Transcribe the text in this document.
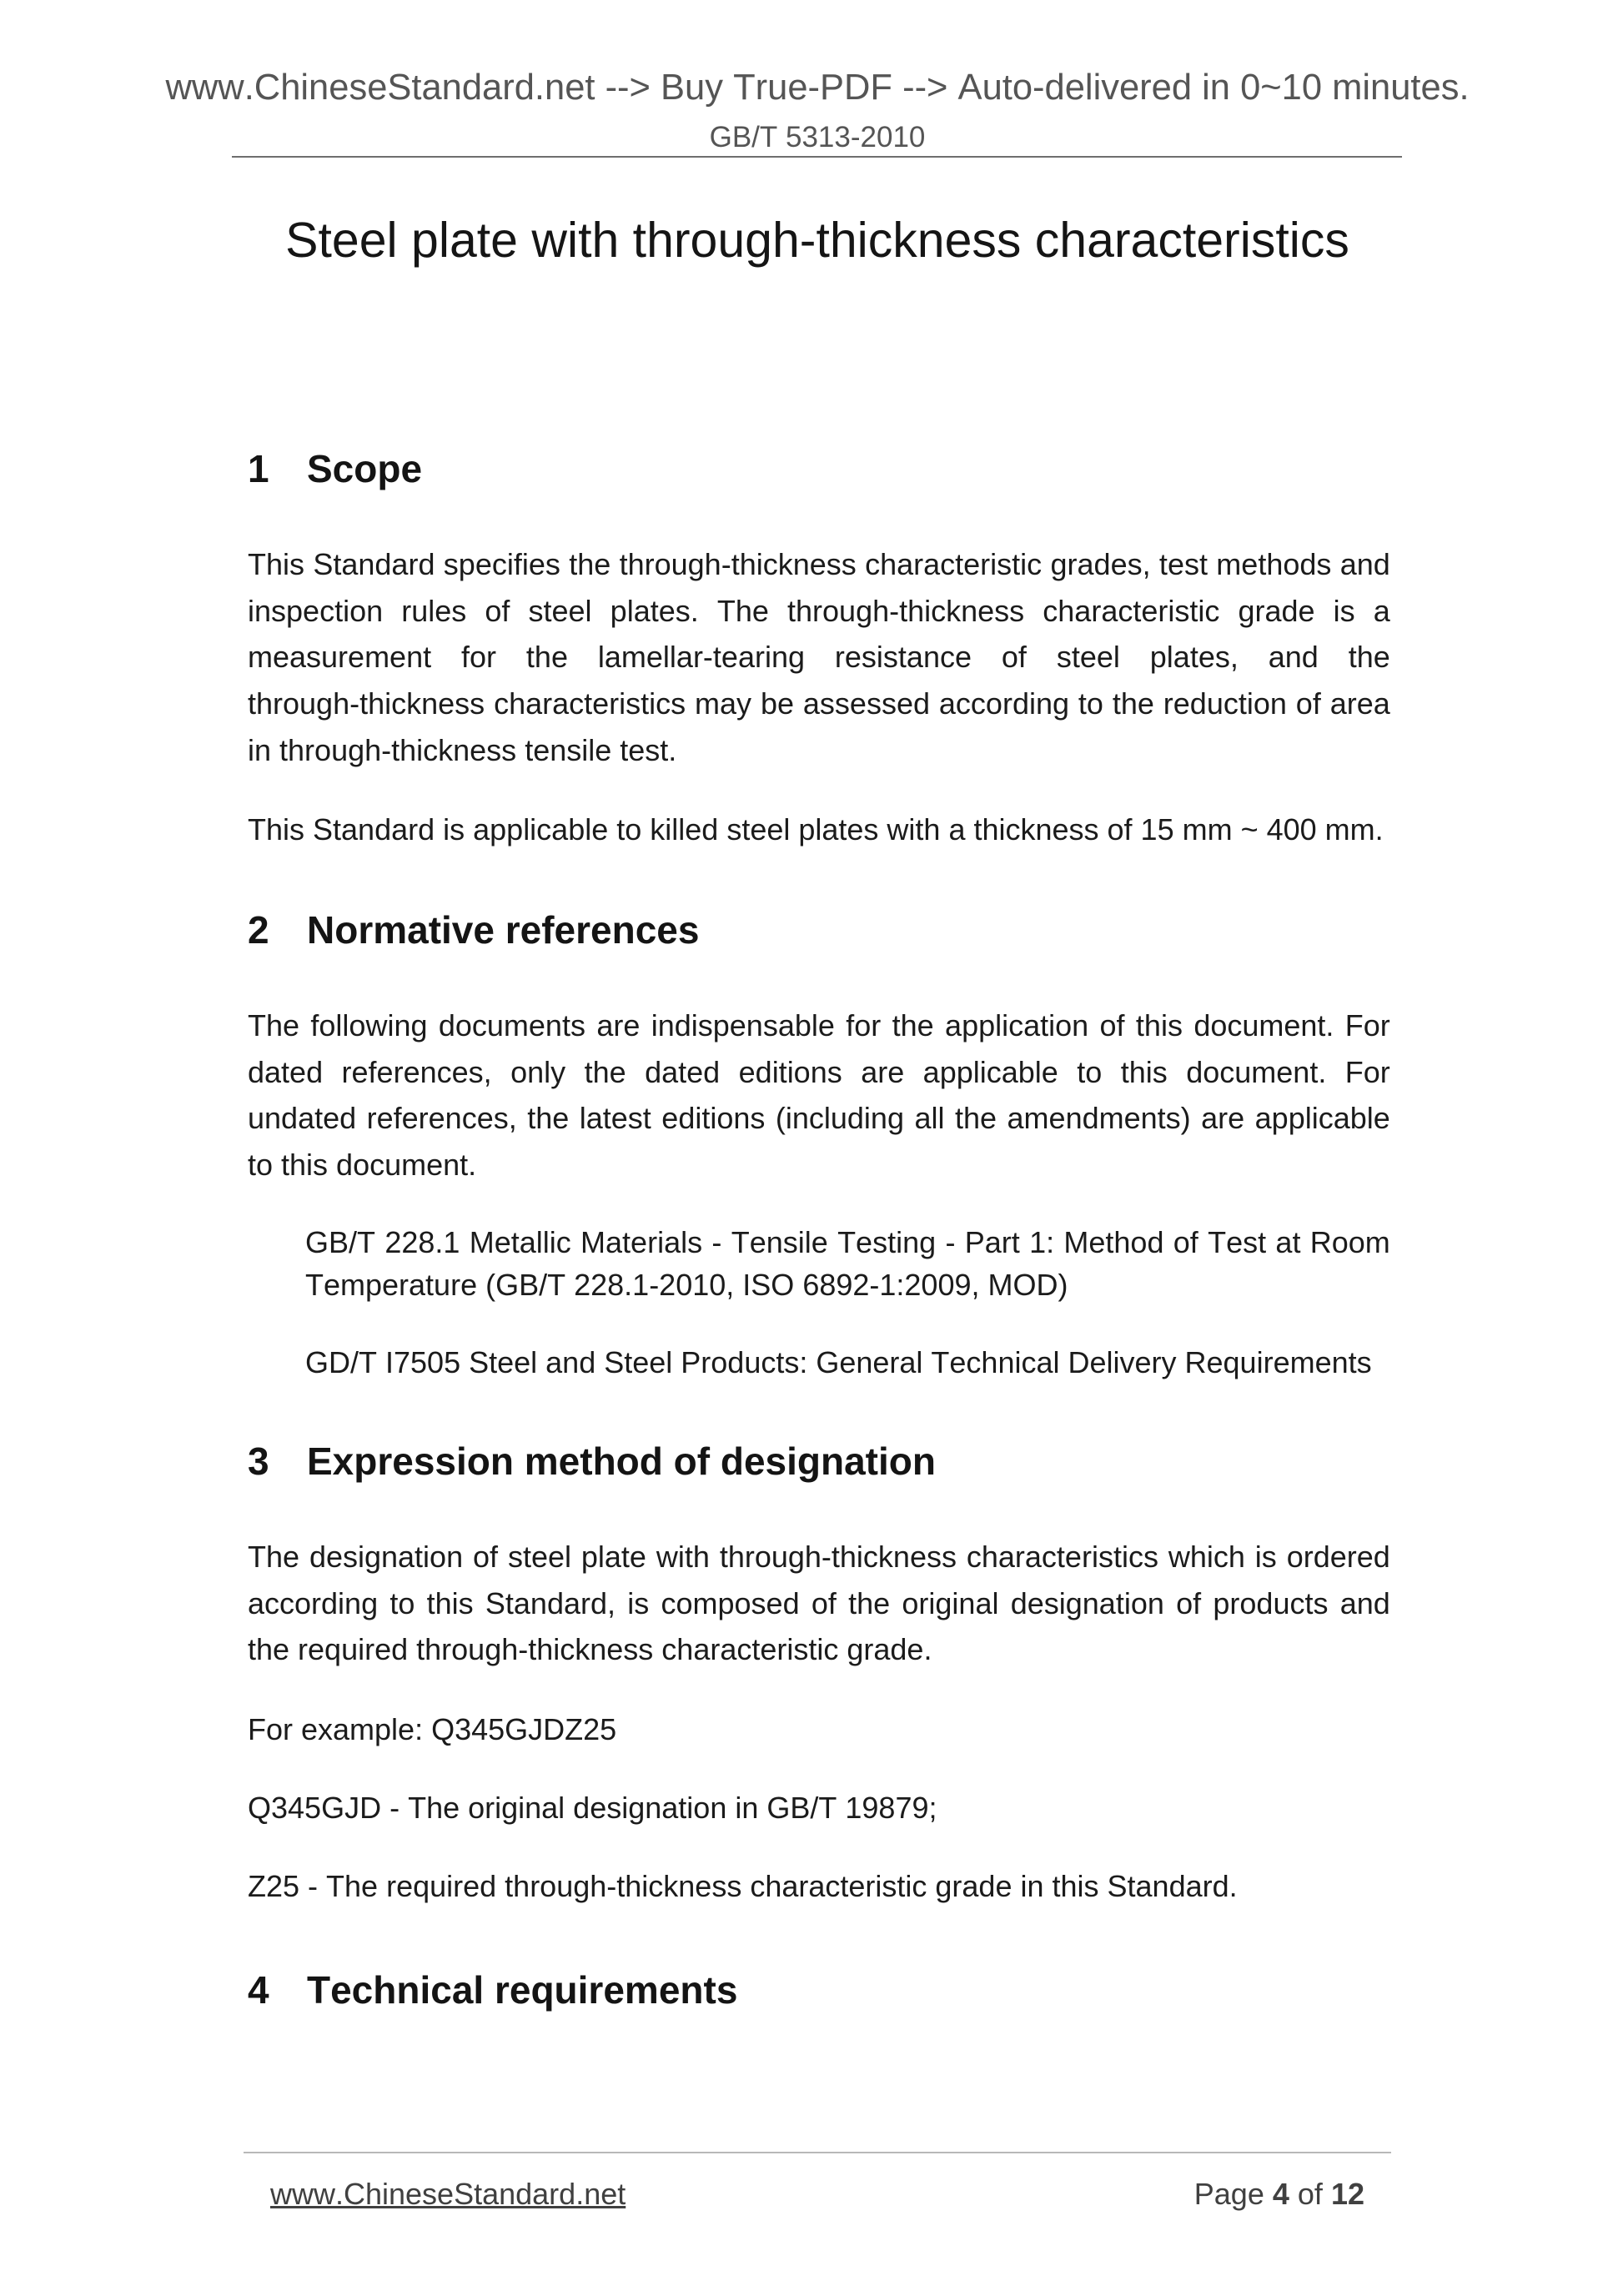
www.ChineseStandard.net --> Buy True-PDF --> Auto-delivered in 0~10 minutes.
GB/T 5313-2010
Steel plate with through-thickness characteristics
1 Scope
This Standard specifies the through-thickness characteristic grades, test methods and inspection rules of steel plates. The through-thickness characteristic grade is a measurement for the lamellar-tearing resistance of steel plates, and the through-thickness characteristics may be assessed according to the reduction of area in through-thickness tensile test.
This Standard is applicable to killed steel plates with a thickness of 15 mm ~ 400 mm.
2 Normative references
The following documents are indispensable for the application of this document. For dated references, only the dated editions are applicable to this document. For undated references, the latest editions (including all the amendments) are applicable to this document.
GB/T 228.1 Metallic Materials - Tensile Testing - Part 1: Method of Test at Room Temperature (GB/T 228.1-2010, ISO 6892-1:2009, MOD)
GD/T I7505 Steel and Steel Products: General Technical Delivery Requirements
3 Expression method of designation
The designation of steel plate with through-thickness characteristics which is ordered according to this Standard, is composed of the original designation of products and the required through-thickness characteristic grade.
For example: Q345GJDZ25
Q345GJD - The original designation in GB/T 19879;
Z25 - The required through-thickness characteristic grade in this Standard.
4 Technical requirements
www.ChineseStandard.net	Page 4 of 12
